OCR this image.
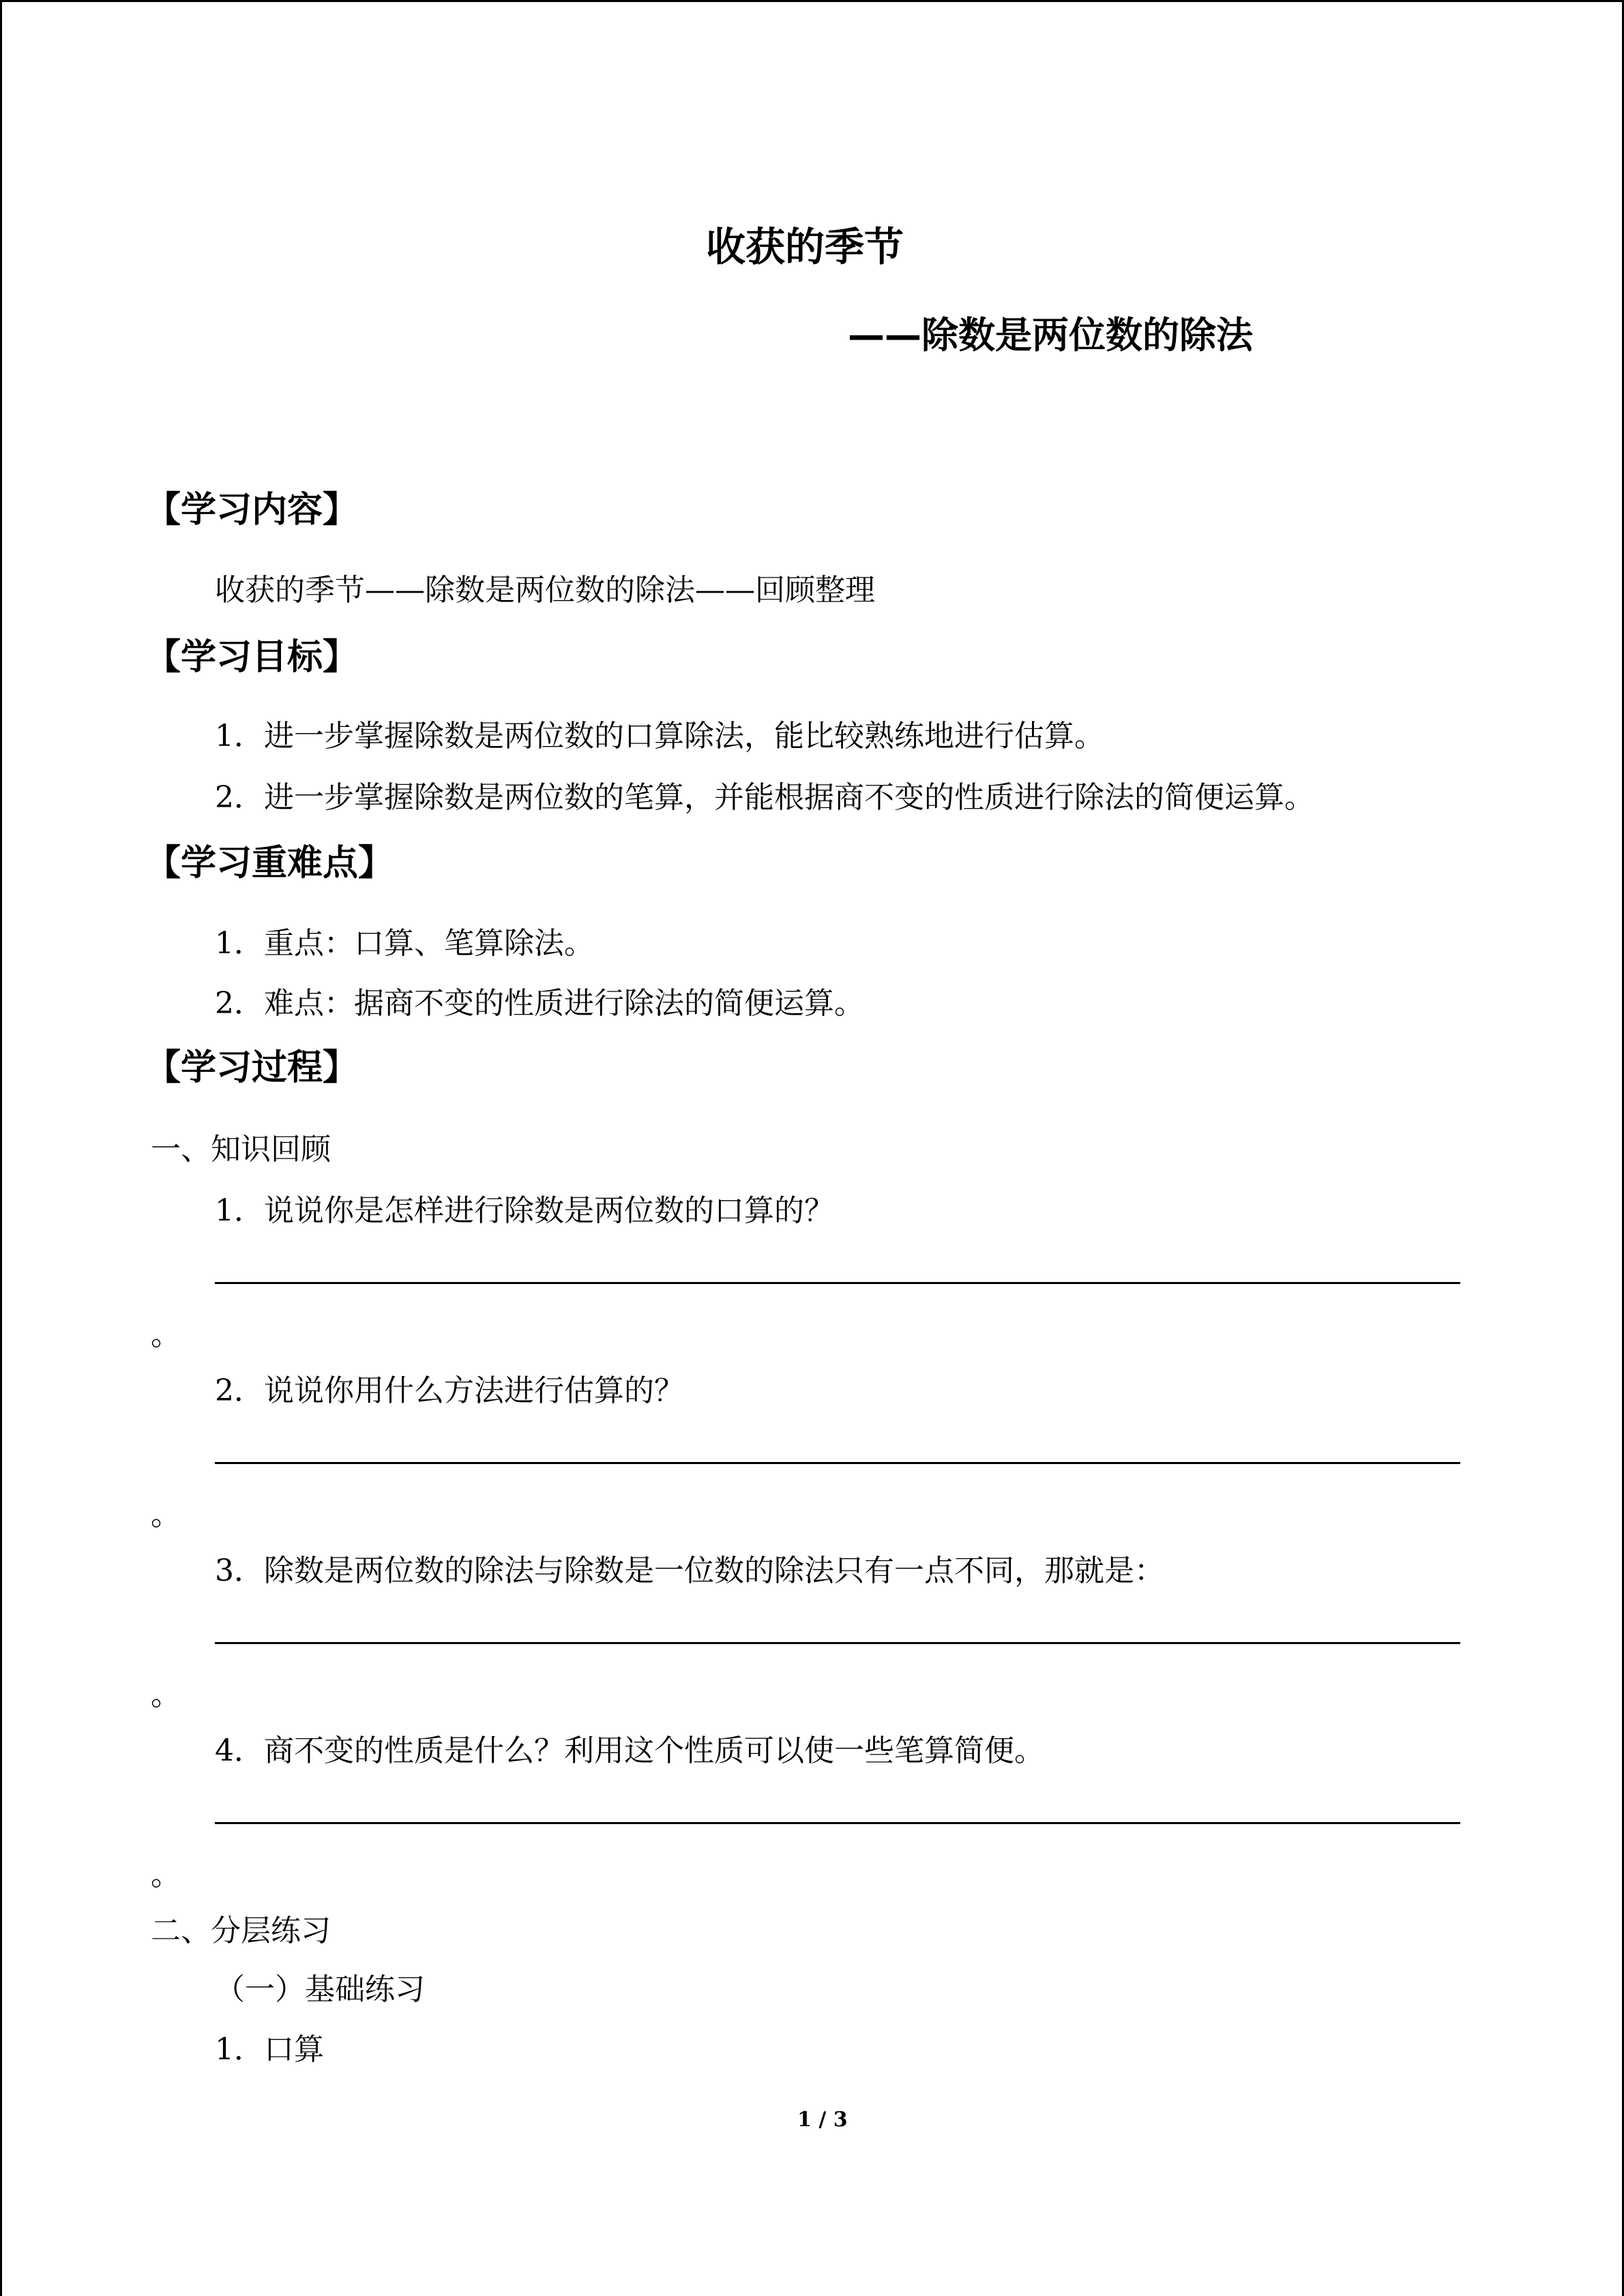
收获的季节
——除数是两位数的除法
【学习内容】
收获的季节——除数是两位数的除法——回顾整理
【学习目标】
1．进一步掌握除数是两位数的口算除法，能比较熟练地进行估算。
2．进一步掌握除数是两位数的笔算，并能根据商不变的性质进行除法的简便运算。
【学习重难点】
1．重点：口算、笔算除法。
2．难点：据商不变的性质进行除法的简便运算。
【学习过程】
一、知识回顾
1．说说你是怎样进行除数是两位数的口算的？
。
2．说说你用什么方法进行估算的？
。
3．除数是两位数的除法与除数是一位数的除法只有一点不同，那就是：
。
4．商不变的性质是什么？利用这个性质可以使一些笔算简便。
。
二、分层练习
（一）基础练习
1．口算
1 / 3
